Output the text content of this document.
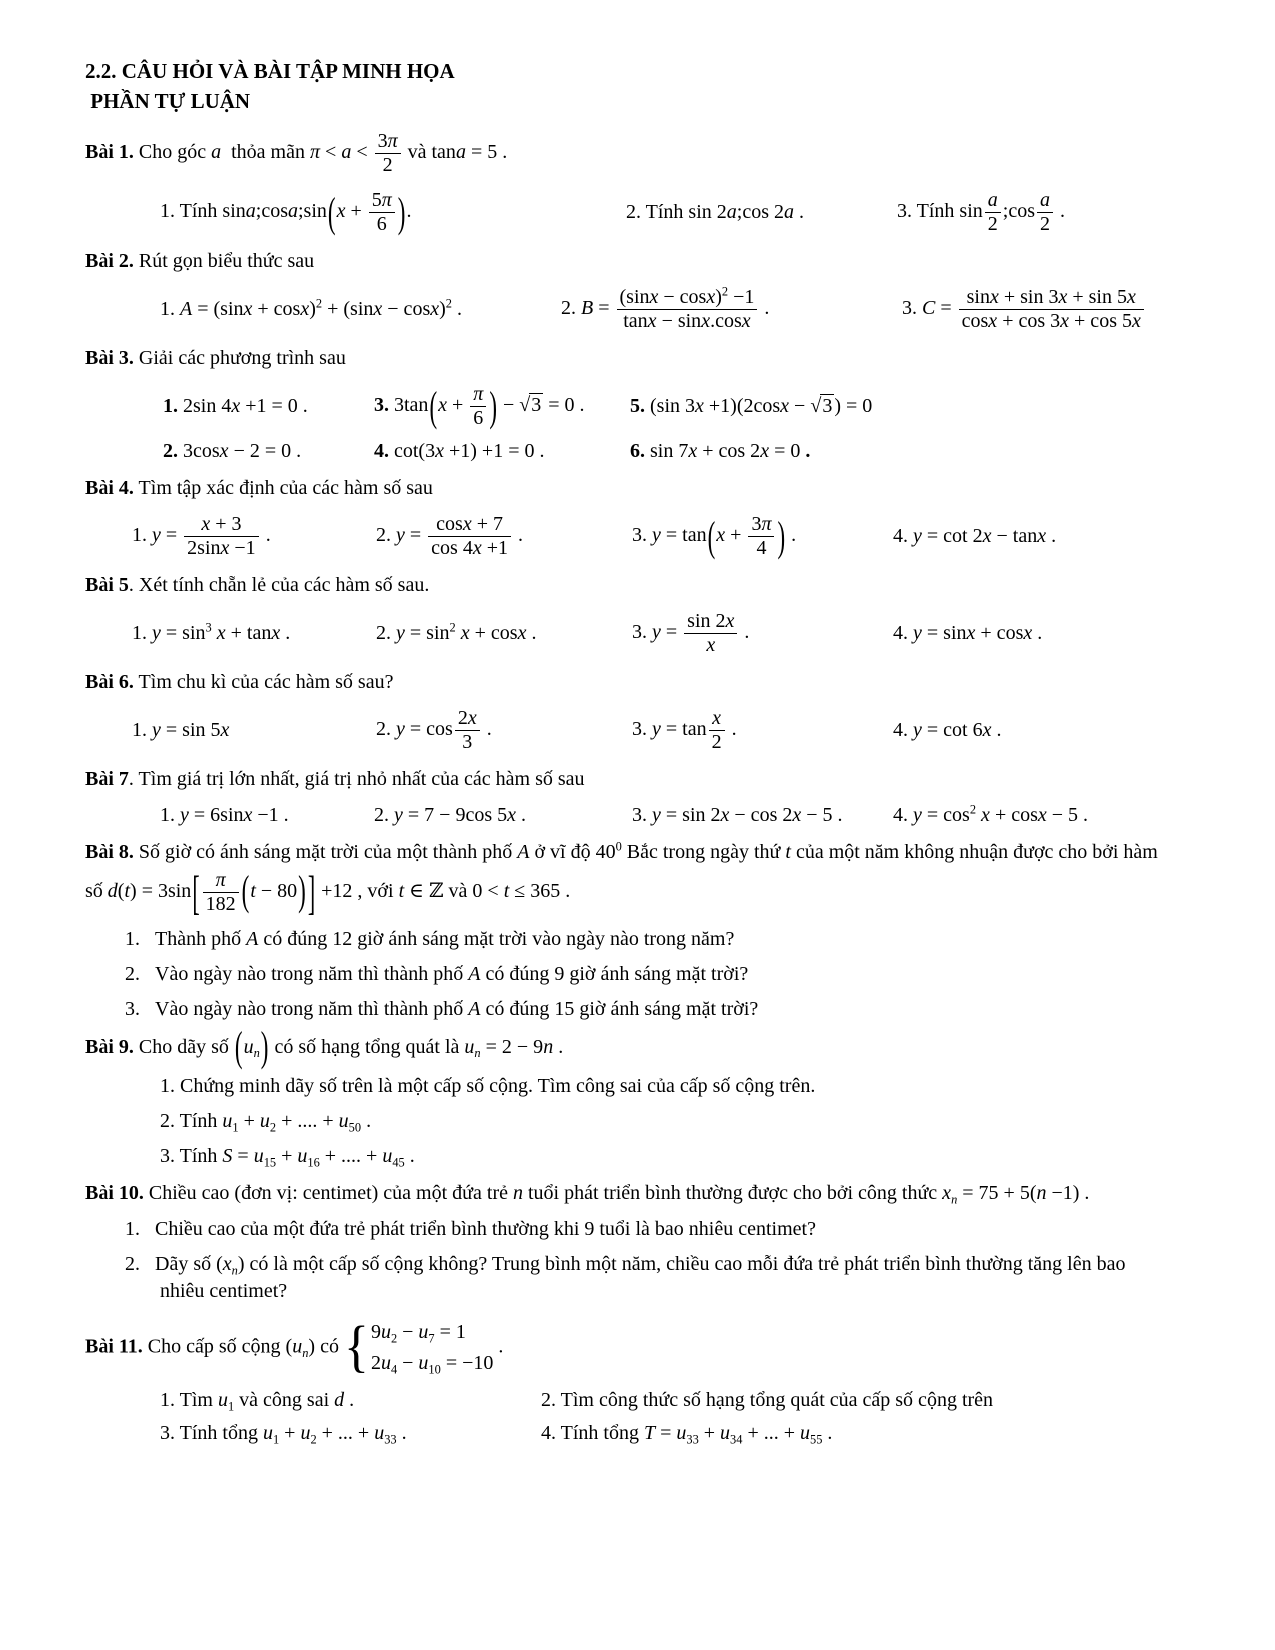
2.2. CÂU HỎI VÀ BÀI TẬP MINH HỌA
PHẦN TỰ LUẬN
Bài 1. Cho góc a  thỏa mãn $\pi < a < \frac{3\pi}{2}$ và tana = 5 .
1. Tính sina;cosa;sin(x + $\frac{5\pi}{6}$ ).	2. Tính sin 2a;cos 2a .	3. Tính $\sin \frac{a}{2}$ ;cos $\frac{a}{2}$ .
Bài 2. Rút gọn biểu thức sau
1. $A = (\sin x + \cos x)^2 + (\sin x - \cos x)^2$ .	2. $B = \frac{(\sin x - \cos x)^2 -1}{\tan x - \sin x.\cos x}$ .	3. $C = \frac{\sin x + \sin 3x + \sin 5x}{\cos x + \cos 3x + \cos 5x}$
Bài 3. Giải các phương trình sau
1. 2sin 4x +1 = 0 .	3. $3\tan(x + \frac{\pi}{6}$ ) − √3 = 0 .	5. (sin 3x +1)(2cosx − √3 ) = 0
2. 3cosx − 2 = 0 .	4. cot(3x +1) +1 = 0 .	6. sin 7x + cos 2x = 0 .
Bài 4. Tìm tập xác định của các hàm số sau
1. $y = \frac{x + 3}{2\sin x -1}$ .	2. $y = \frac{\cos x + 7}{\cos 4x +1}$ .	3. $y = \tan(x + \frac{3\pi}{4}$ ) .	4. y = cot 2x − tanx .
Bài 5. Xét tính chẵn lẻ của các hàm số sau.
1. $y = \sin^3 x + \tan x$ .	2. $y = \sin^2 x + \cos x$ .	3. $y = \frac{\sin 2x}{x}$ .	4. y = sinx + cosx .
Bài 6. Tìm chu kì của các hàm số sau?
1. y = sin 5x	2. $y = \cos \frac{2x}{3}$ .	3. $y = \tan \frac{x}{2}$ .	4. y = cot 6x .
Bài 7. Tìm giá trị lớn nhất, giá trị nhỏ nhất của các hàm số sau
1. y = 6sinx −1 .	2. y = 7 − 9cos 5x .	3. y = sin 2x − cos 2x − 5 .	4. $y = \cos^2 x + \cos x - 5$ .
Bài 8. Số giờ có ánh sáng mặt trời của một thành phố A ở vĩ độ $40^0$ Bắc trong ngày thứ t của một năm không nhuận được cho bởi hàm số $d(t) = 3\sin[ \frac{\pi}{182} (t - 80)] +12$ , với t ∈ ℤ và 0 < t ≤ 365 .
1.   Thành phố A có đúng 12 giờ ánh sáng mặt trời vào ngày nào trong năm?
2.   Vào ngày nào trong năm thì thành phố A có đúng 9 giờ ánh sáng mặt trời?
3.   Vào ngày nào trong năm thì thành phố A có đúng 15 giờ ánh sáng mặt trời?
Bài 9. Cho dãy số $(u_n)$ có số hạng tổng quát là $u_n = 2 - 9n$ .
1. Chứng minh dãy số trên là một cấp số cộng. Tìm công sai của cấp số cộng trên.
2. Tính $u_1 + u_2$ + .... + $u_{50}$ .
3. Tính $S = u_{15} + u_{16}$ + .... + $u_{45}$ .
Bài 10. Chiều cao (đơn vị: centimet) của một đứa trẻ n tuổi phát triển bình thường được cho bởi công thức $x_n = 75 + 5(n -1)$ .
1.   Chiều cao của một đứa trẻ phát triển bình thường khi 9 tuổi là bao nhiêu centimet?
2.   Dãy số $(x_n)$ có là một cấp số cộng không? Trung bình một năm, chiều cao mỗi đứa trẻ phát triển bình thường tăng lên bao nhiêu centimet?
Bài 11. Cho cấp số cộng $(u_n)$ có { $9u_2 - u_7 = 1$
$2u_4 - u_{10} = -10$
.
1. Tìm $u_1$ và công sai d .	2. Tìm công thức số hạng tổng quát của cấp số cộng trên
3. Tính tổng $u_1 + u_2$ + ... + $u_{33}$ .	4. Tính tổng $T = u_{33} + u_{34}$ + ... + $u_{55}$ .
